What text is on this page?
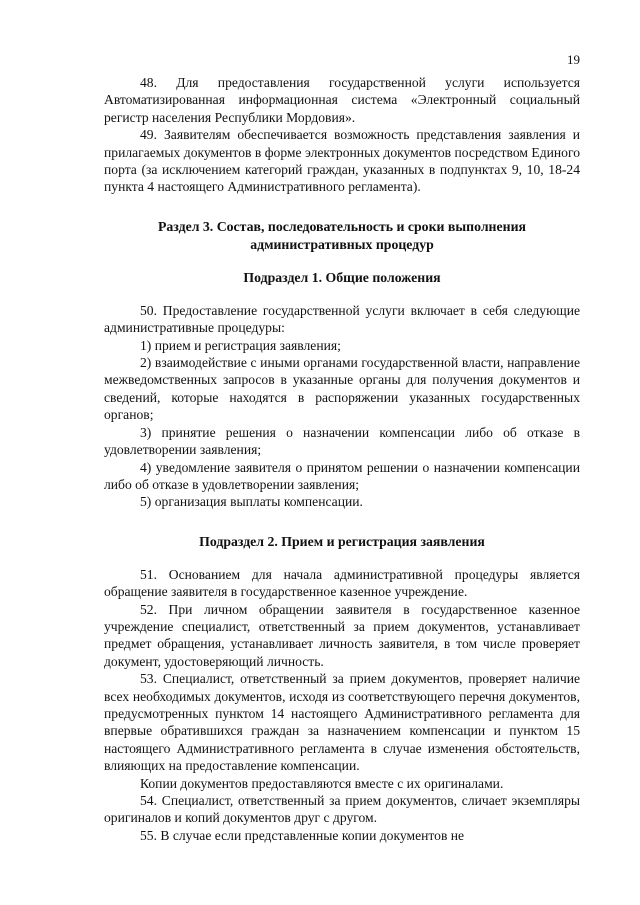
19

48. Для предоставления государственной услуги используется Автоматизированная информационная система «Электронный социальный регистр населения Республики Мордовия».

49. Заявителям обеспечивается возможность представления заявления и прилагаемых документов в форме электронных документов посредством Единого порта (за исключением категорий граждан, указанных в подпунктах 9, 10, 18-24 пункта 4 настоящего Административного регламента).

Раздел 3. Состав, последовательность и сроки выполнения
административных процедур
Подраздел 1. Общие положения

50. Предоставление государственной услуги включает в себя следующие административные процедуры:

1) прием и регистрация заявления;

2) взаимодействие с иными органами государственной власти, направление межведомственных запросов в указанные органы для получения документов и сведений, которые находятся в распоряжении указанных государственных органов;

3) принятие решения о назначении компенсации либо об отказе в удовлетворении заявления;

4) уведомление заявителя о принятом решении о назначении компенсации либо об отказе в удовлетворении заявления;

5) организация выплаты компенсации.

Подраздел 2. Прием и регистрация заявления

51. Основанием для начала административной процедуры является обращение заявителя в государственное казенное учреждение.

52. При личном обращении заявителя в государственное казенное учреждение специалист, ответственный за прием документов, устанавливает предмет обращения, устанавливает личность заявителя, в том числе проверяет документ, удостоверяющий личность.

53. Специалист, ответственный за прием документов, проверяет наличие всех необходимых документов, исходя из соответствующего перечня документов, предусмотренных пунктом 14 настоящего Административного регламента для впервые обратившихся граждан за назначением компенсации и пунктом 15 настоящего Административного регламента в случае изменения обстоятельств, влияющих на предоставление компенсации.

Копии документов предоставляются вместе с их оригиналами.

54. Специалист, ответственный за прием документов, сличает экземпляры оригиналов и копий документов друг с другом.

55. В случае если представленные копии документов не
